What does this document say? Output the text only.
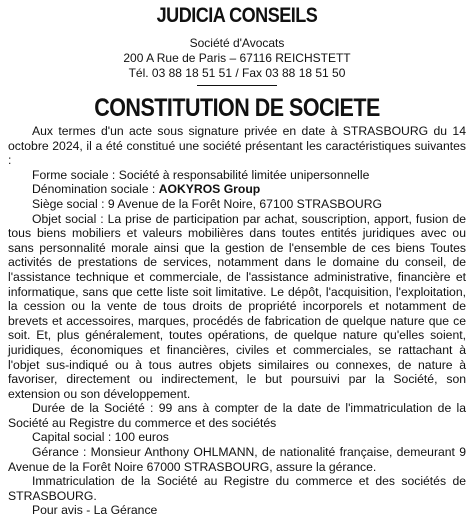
JUDICIA CONSEILS
Société d'Avocats
200 A Rue de Paris – 67116 REICHSTETT
Tél. 03 88 18 51 51 / Fax 03 88 18 51 50
CONSTITUTION DE SOCIETE

Aux termes d'un acte sous signature privée en date à STRASBOURG du 14 octobre 2024, il a été constitué une société présentant les caractéristiques suivantes :

Forme sociale : Société à responsabilité limitée unipersonnelle

Dénomination sociale : AOKYROS Group

Siège social : 9 Avenue de la Forêt Noire, 67100 STRASBOURG

Objet social : La prise de participation par achat, souscription, apport, fusion de tous biens mobiliers et valeurs mobilières dans toutes entités juridiques avec ou sans personnalité morale ainsi que la gestion de l'ensemble de ces biens Toutes activités de prestations de services, notamment dans le domaine du conseil, de l'assistance technique et commerciale, de l'assistance administrative, financière et informatique, sans que cette liste soit limitative. Le dépôt, l'acquisition, l'exploitation, la cession ou la vente de tous droits de propriété incorporels et notamment de brevets et accessoires, marques, procédés de fabrication de quelque nature que ce soit. Et, plus généralement, toutes opérations, de quelque nature qu'elles soient, juridiques, économiques et financières, civiles et commerciales, se rattachant à l'objet sus-indiqué ou à tous autres objets similaires ou connexes, de nature à favoriser, directement ou indirectement, le but poursuivi par la Société, son extension ou son développement.

Durée de la Société : 99 ans à compter de la date de l'immatriculation de la Société au Registre du commerce et des sociétés

Capital social : 100 euros

Gérance : Monsieur Anthony OHLMANN, de nationalité française, demeurant 9 Avenue de la Forêt Noire 67000 STRASBOURG, assure la gérance.

Immatriculation de la Société au Registre du commerce et des sociétés de STRASBOURG.

Pour avis - La Gérance
